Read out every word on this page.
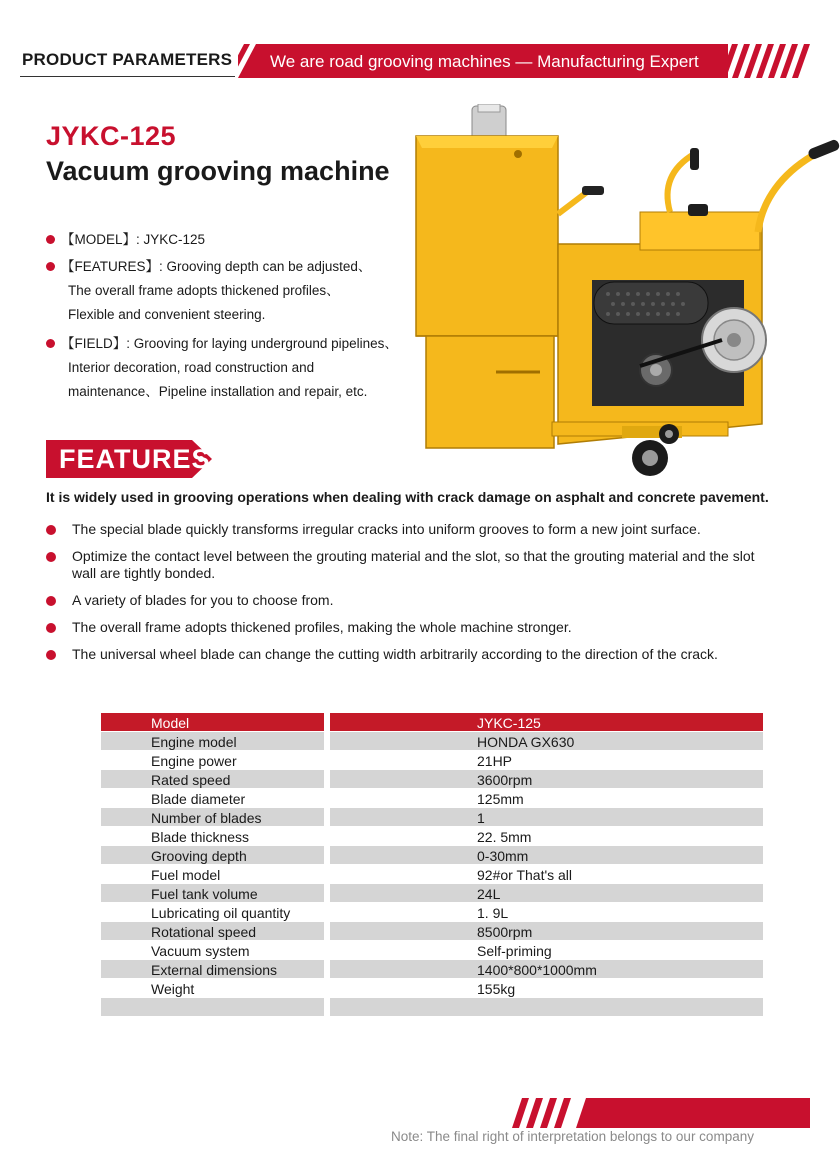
PRODUCT PARAMETERS We are road grooving machines — Manufacturing Expert
JYKC-125
Vacuum grooving machine
【MODEL】: JYKC-125
【FEATURES】: Grooving depth can be adjusted、
The overall frame adopts thickened profiles、
Flexible and convenient steering.
【FIELD】: Grooving for laying underground pipelines、
Interior decoration, road construction and
maintenance、Pipeline installation and repair, etc.
FEATURES
It is widely used in grooving operations when dealing with crack damage on asphalt and concrete pavement.
The special blade quickly transforms irregular cracks into uniform grooves to form a new joint surface.
Optimize the contact level between the grouting material and the slot, so that the grouting material and the slot wall are tightly bonded.
A variety of blades for you to choose from.
The overall frame adopts thickened profiles, making the whole machine stronger.
The universal wheel blade can change the cutting width arbitrarily according to the direction of the crack.
Model	JYKC-125
Engine model	HONDA GX630
Engine power	21HP
Rated speed	3600rpm
Blade diameter	125mm
Number of blades	1
Blade thickness	22. 5mm
Grooving depth	0-30mm
Fuel model	92#or That's all
Fuel tank volume	24L
Lubricating oil quantity	1. 9L
Rotational speed	8500rpm
Vacuum system	Self-priming
External dimensions	1400*800*1000mm
Weight	155kg
Note: The final right of interpretation belongs to our company
